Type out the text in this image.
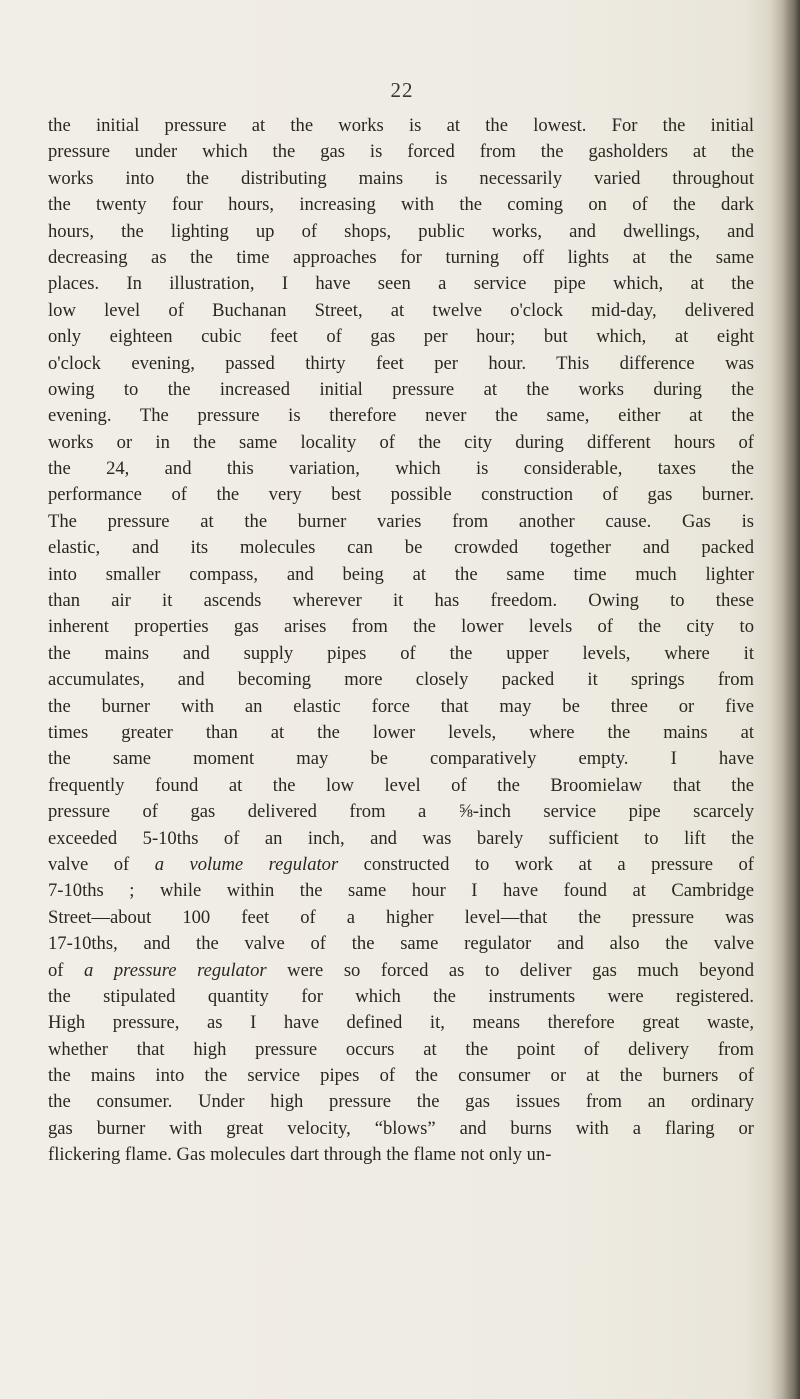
22
the initial pressure at the works is at the lowest. For the initial
pressure under which the gas is forced from the gasholders at the
works into the distributing mains is necessarily varied throughout
the twenty four hours, increasing with the coming on of the dark
hours, the lighting up of shops, public works, and dwellings, and
decreasing as the time approaches for turning off lights at the same
places. In illustration, I have seen a service pipe which, at the
low level of Buchanan Street, at twelve o'clock mid-day, delivered
only eighteen cubic feet of gas per hour; but which, at eight
o'clock evening, passed thirty feet per hour. This difference was
owing to the increased initial pressure at the works during the
evening. The pressure is therefore never the same, either at the
works or in the same locality of the city during different hours of
the 24, and this variation, which is considerable, taxes the
performance of the very best possible construction of gas burner.
The pressure at the burner varies from another cause. Gas is
elastic, and its molecules can be crowded together and packed
into smaller compass, and being at the same time much lighter
than air it ascends wherever it has freedom. Owing to these
inherent properties gas arises from the lower levels of the city to
the mains and supply pipes of the upper levels, where it
accumulates, and becoming more closely packed it springs from
the burner with an elastic force that may be three or five
times greater than at the lower levels, where the mains at
the same moment may be comparatively empty. I have
frequently found at the low level of the Broomielaw that the
pressure of gas delivered from a ⅝-inch service pipe scarcely
exceeded 5-10ths of an inch, and was barely sufficient to lift the
valve of a volume regulator constructed to work at a pressure of
7-10ths ; while within the same hour I have found at Cambridge
Street—about 100 feet of a higher level—that the pressure was
17-10ths, and the valve of the same regulator and also the valve
of a pressure regulator were so forced as to deliver gas much beyond
the stipulated quantity for which the instruments were registered.
High pressure, as I have defined it, means therefore great waste,
whether that high pressure occurs at the point of delivery from
the mains into the service pipes of the consumer or at the burners of
the consumer. Under high pressure the gas issues from an ordinary
gas burner with great velocity, “blows” and burns with a flaring or
flickering flame. Gas molecules dart through the flame not only un-
